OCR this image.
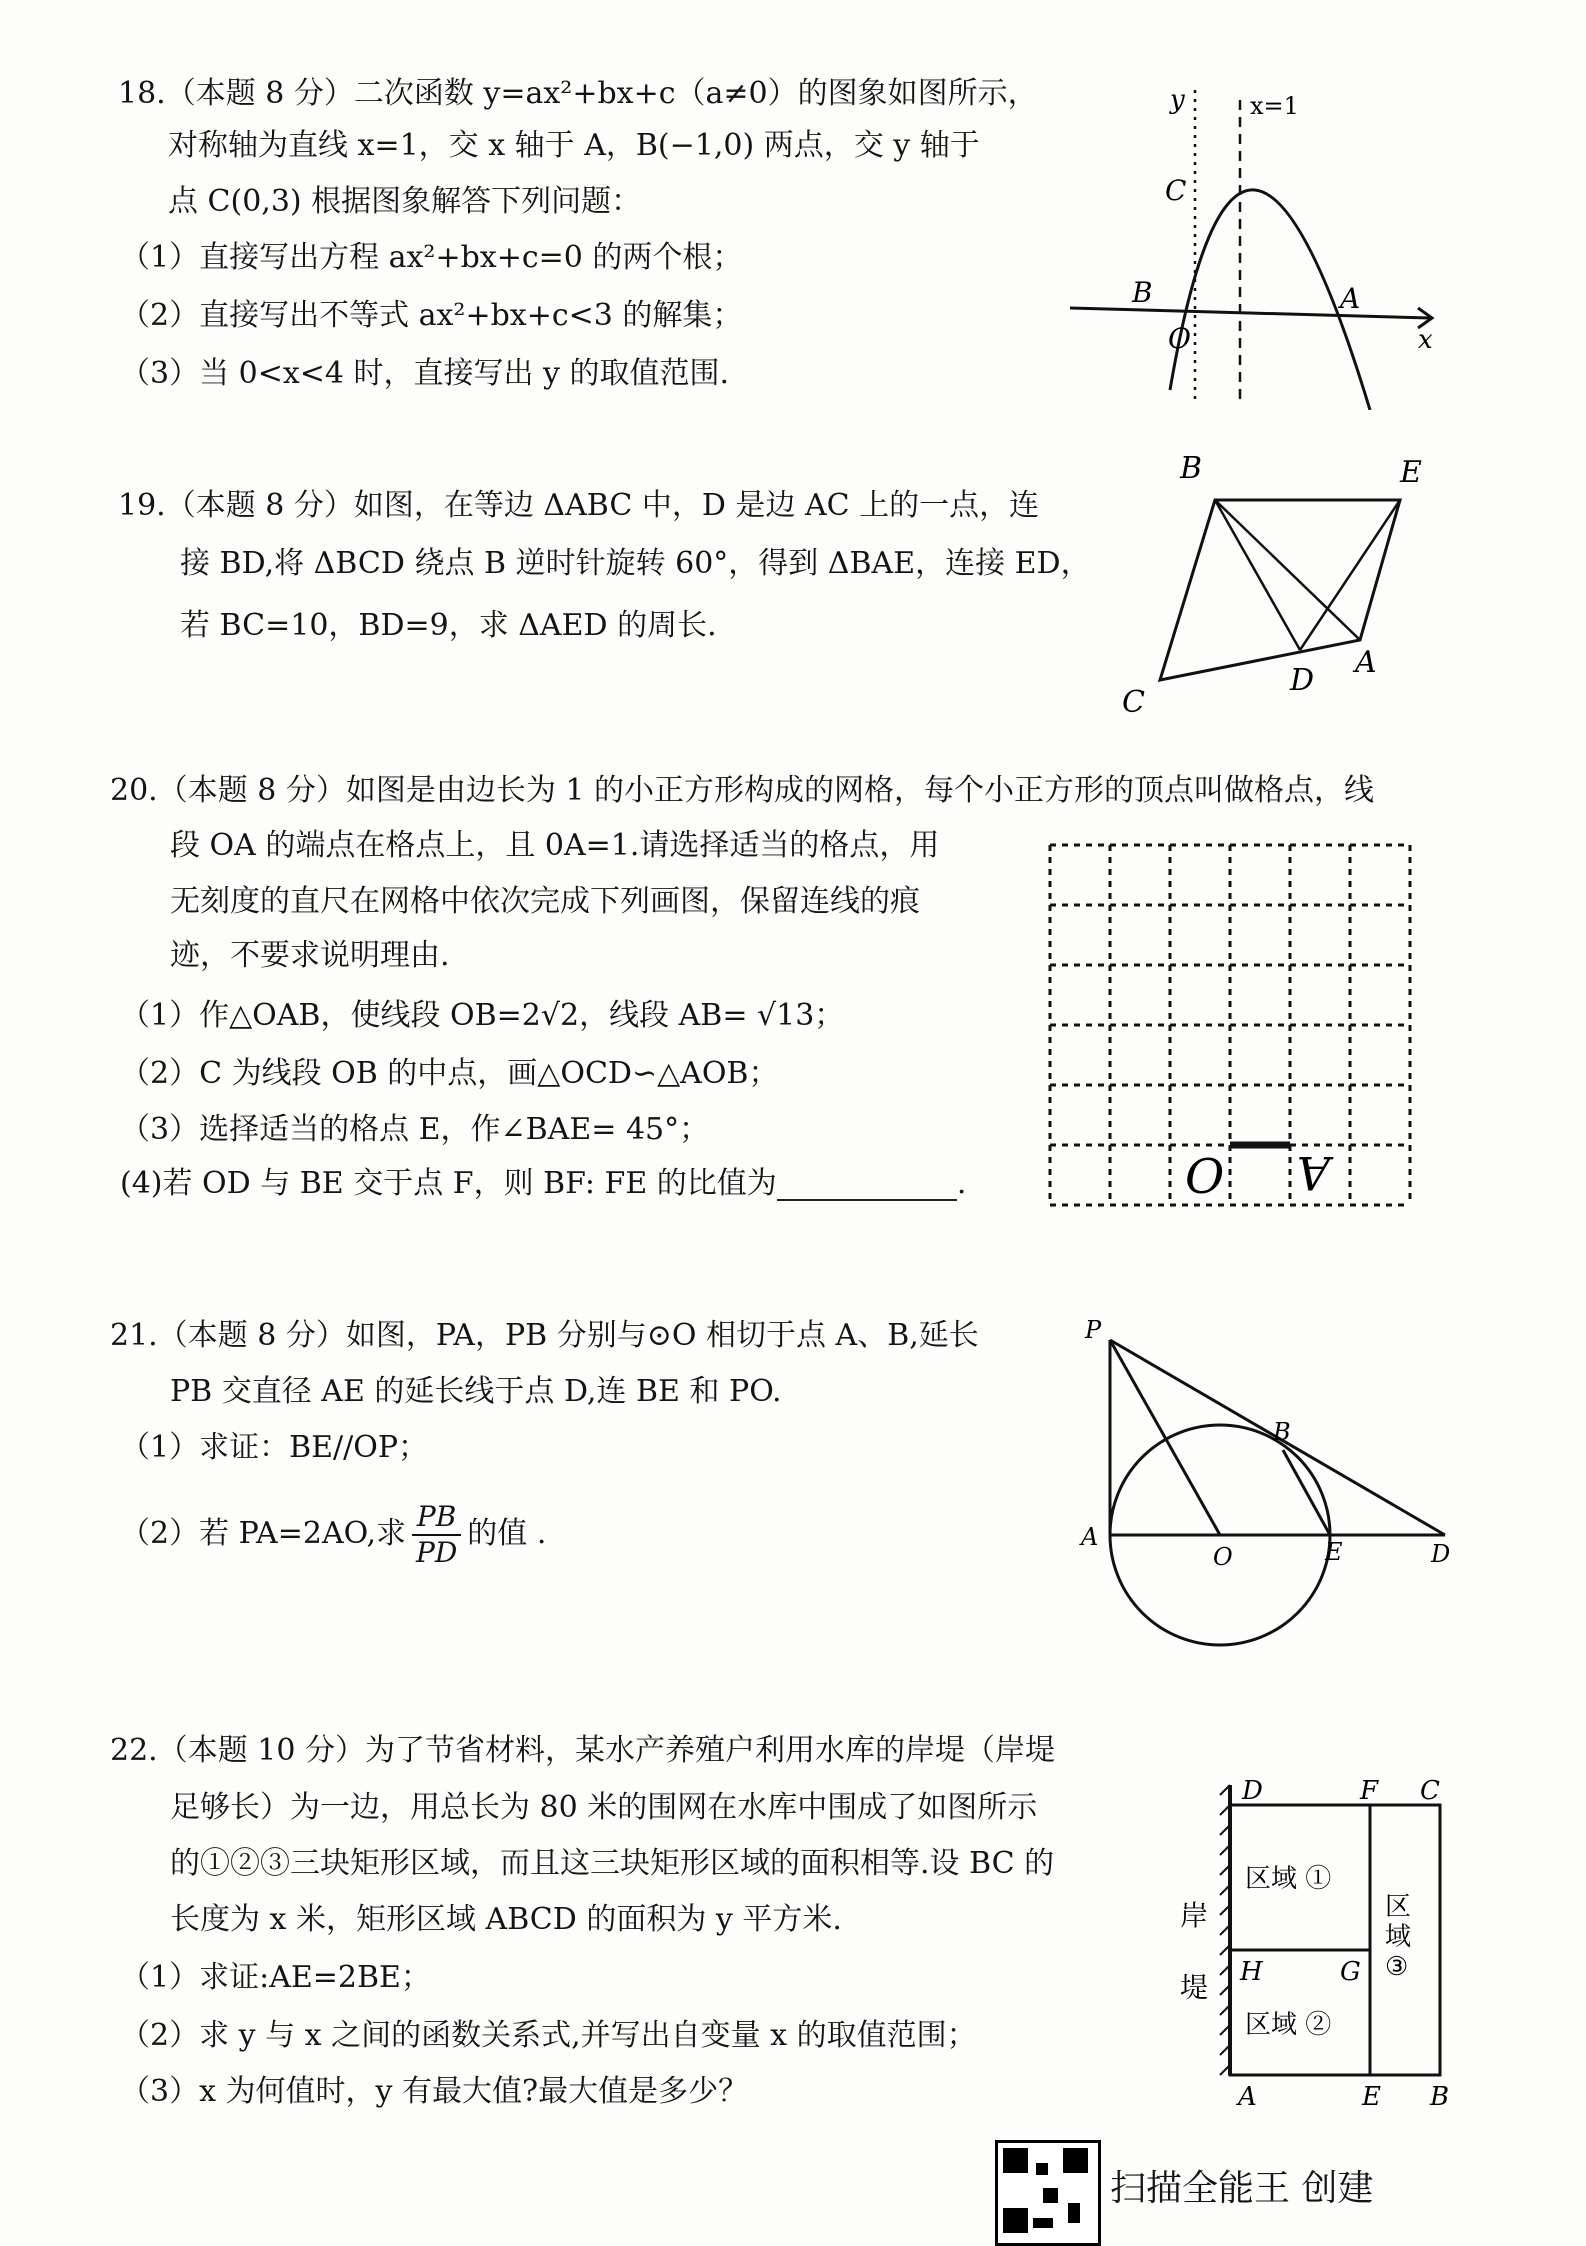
18.（本题 8 分）二次函数 y=ax²+bx+c（a≠0）的图象如图所示，
对称轴为直线 x=1，交 x 轴于 A，B(−1,0) 两点，交 y 轴于
点 C(0,3) 根据图象解答下列问题：
（1）直接写出方程 ax²+bx+c=0 的两个根；
（2）直接写出不等式 ax²+bx+c<3 的解集；
（3）当 0<x<4 时，直接写出 y 的取值范围.
y	x=1
C
B
O
A
x
19.（本题 8 分）如图，在等边 ΔABC 中，D 是边 AC 上的一点，连
接 BD,将 ΔBCD 绕点 B 逆时针旋转 60°，得到 ΔBAE，连接 ED，
若 BC=10，BD=9，求 ΔAED 的周长.
B	E
C
D
A
20.（本题 8 分）如图是由边长为 1 的小正方形构成的网格，每个小正方形的顶点叫做格点，线
段 OA 的端点在格点上，且 0A=1.请选择适当的格点，用
无刻度的直尺在网格中依次完成下列画图，保留连线的痕
迹，不要求说明理由.
（1）作△OAB，使线段 OB=2√2，线段 AB= √13；
（2）C 为线段 OB 的中点，画△OCD∽△AOB；
（3）选择适当的格点 E，作∠BAE= 45°；
(4)若 OD 与 BE 交于点 F，则 BF: FE 的比值为	.	O A
21.（本题 8 分）如图，PA，PB 分别与⊙O 相切于点 A、B,延长
PB 交直径 AE 的延长线于点 D,连 BE 和 PO.
（1）求证：BE//OP；
（2）若 PA=2AO,求 $\frac{PB}{PD}$ 的值 .
P
B
A
O	E	D
22.（本题 10 分）为了节省材料，某水产养殖户利用水库的岸堤（岸堤
足够长）为一边，用总长为 80 米的围网在水库中围成了如图所示
的①②③三块矩形区域，而且这三块矩形区域的面积相等.设 BC 的
长度为 x 米，矩形区域 ABCD 的面积为 y 平方米.
（1）求证:AE=2BE；
（2）求 y 与 x 之间的函数关系式,并写出自变量 x 的取值范围；
（3）x 为何值时，y 有最大值?最大值是多少？
D	F C
区域 ①
区
域
③
H	G
区域 ②
岸
堤
A	E B
扫描全能王 创建
